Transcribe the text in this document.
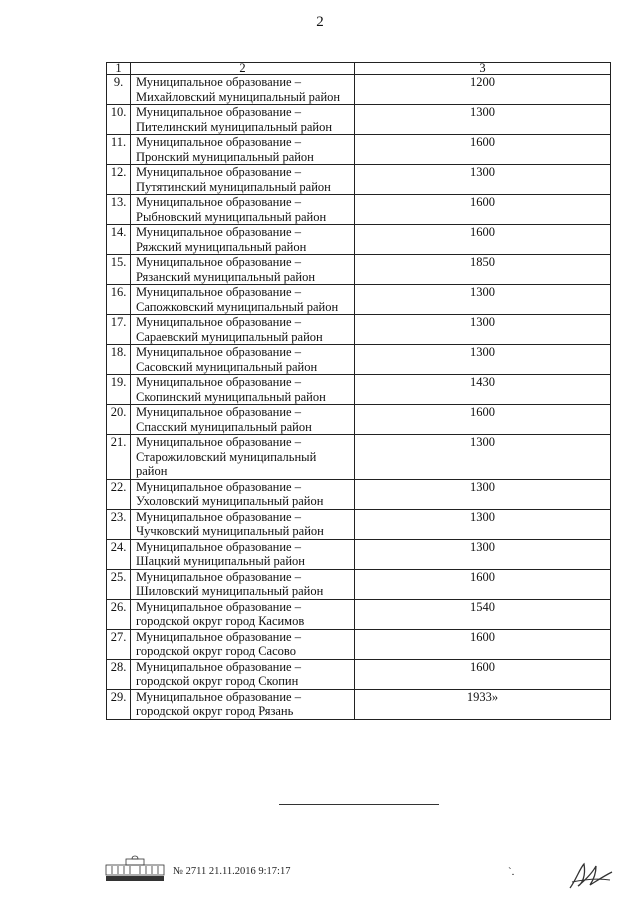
2
1	2	3
9.	Муниципальное образование –
Михайловский муниципальный район	1200
10.	Муниципальное образование –
Пителинский муниципальный район	1300
11.	Муниципальное образование –
Пронский муниципальный район	1600
12.	Муниципальное образование –
Путятинский муниципальный район	1300
13.	Муниципальное образование –
Рыбновский муниципальный район	1600
14.	Муниципальное образование –
Ряжский муниципальный район	1600
15.	Муниципальное образование –
Рязанский муниципальный район	1850
16.	Муниципальное образование –
Сапожковский муниципальный район	1300
17.	Муниципальное образование –
Сараевский муниципальный район	1300
18.	Муниципальное образование –
Сасовский муниципальный район	1300
19.	Муниципальное образование –
Скопинский муниципальный район	1430
20.	Муниципальное образование –
Спасский муниципальный район	1600
21.	Муниципальное образование –
Старожиловский муниципальный
район	1300
22.	Муниципальное образование –
Ухоловский муниципальный район	1300
23.	Муниципальное образование –
Чучковский муниципальный район	1300
24.	Муниципальное образование –
Шацкий муниципальный район	1300
25.	Муниципальное образование –
Шиловский муниципальный район	1600
26.	Муниципальное образование –
городской округ город Касимов	1540
27.	Муниципальное образование –
городской округ город Сасово	1600
28.	Муниципальное образование –
городской округ город Скопин	1600
29.	Муниципальное образование –
городской округ город Рязань	1933»
№ 2711 21.11.2016 9:17:17	`.
